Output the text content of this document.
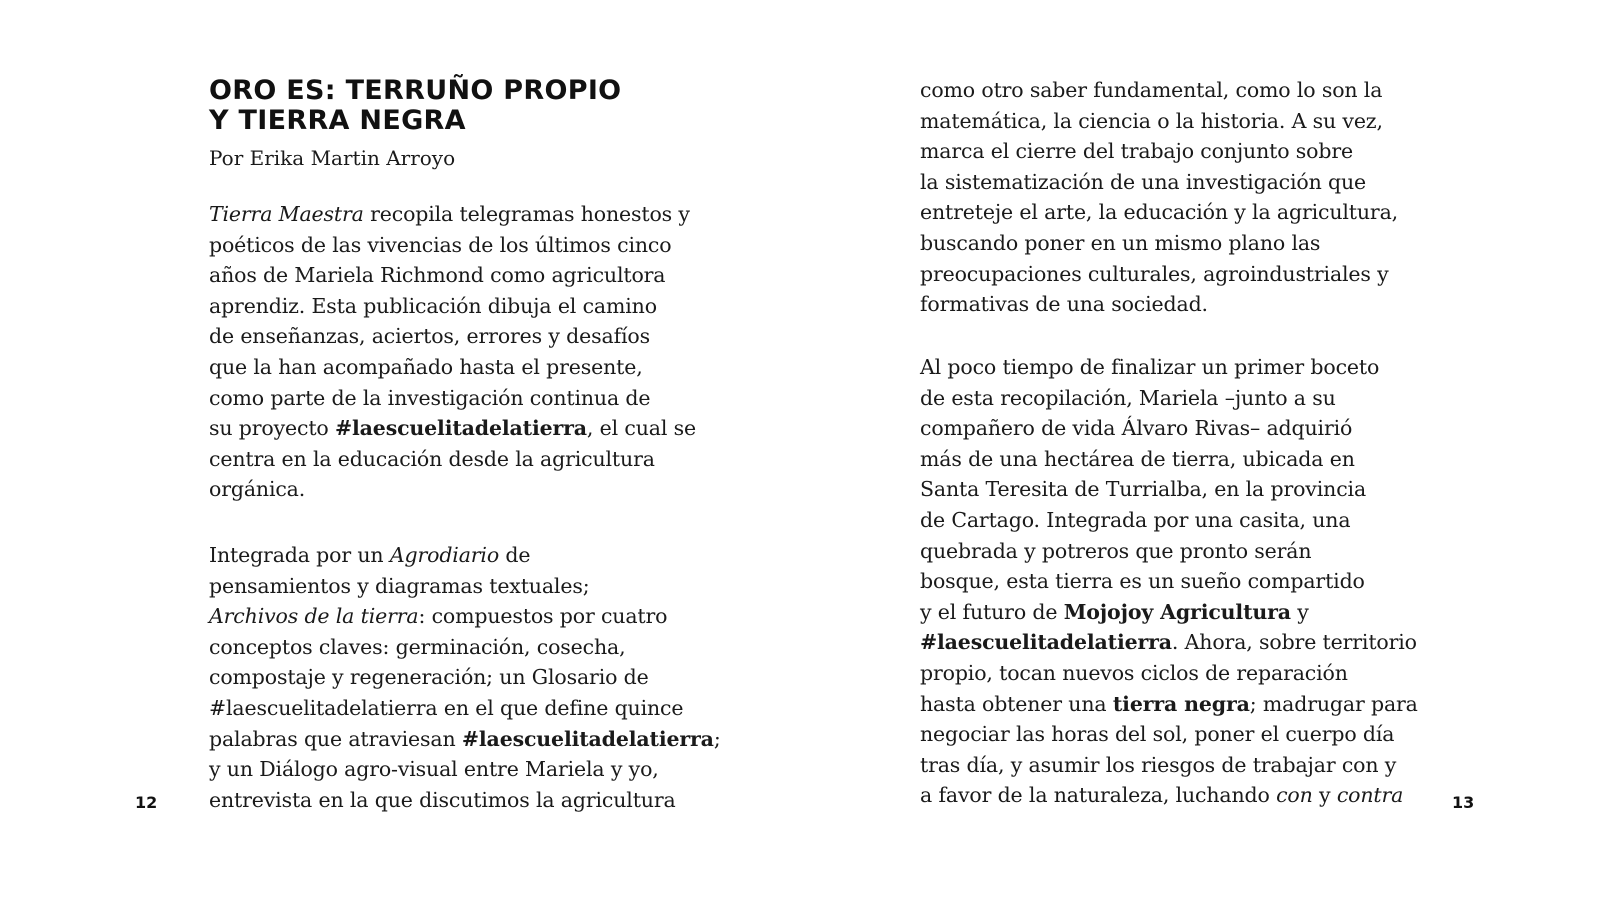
ORO ES: TERRUÑO PROPIO
Y TIERRA NEGRA

Por Erika Martin Arroyo

Tierra Maestra recopila telegramas honestos y
poéticos de las vivencias de los últimos cinco
años de Mariela Richmond como agricultora
aprendiz. Esta publicación dibuja el camino
de enseñanzas, aciertos, errores y desafíos
que la han acompañado hasta el presente,
como parte de la investigación continua de
su proyecto #laescuelitadelatierra, el cual se
centra en la educación desde la agricultura
orgánica.

Integrada por un Agrodiario de
pensamientos y diagramas textuales;
Archivos de la tierra: compuestos por cuatro
conceptos claves: germinación, cosecha,
compostaje y regeneración; un Glosario de
#laescuelitadelatierra en el que define quince
palabras que atraviesan #laescuelitadelatierra;
y un Diálogo agro-visual entre Mariela y yo,
entrevista en la que discutimos la agricultura

12

como otro saber fundamental, como lo son la
matemática, la ciencia o la historia. A su vez,
marca el cierre del trabajo conjunto sobre
la sistematización de una investigación que
entreteje el arte, la educación y la agricultura,
buscando poner en un mismo plano las
preocupaciones culturales, agroindustriales y
formativas de una sociedad.

Al poco tiempo de finalizar un primer boceto
de esta recopilación, Mariela –junto a su
compañero de vida Álvaro Rivas– adquirió
más de una hectárea de tierra, ubicada en
Santa Teresita de Turrialba, en la provincia
de Cartago. Integrada por una casita, una
quebrada y potreros que pronto serán
bosque, esta tierra es un sueño compartido
y el futuro de Mojojoy Agricultura y
#laescuelitadelatierra. Ahora, sobre territorio
propio, tocan nuevos ciclos de reparación
hasta obtener una tierra negra; madrugar para
negociar las horas del sol, poner el cuerpo día
tras día, y asumir los riesgos de trabajar con y
a favor de la naturaleza, luchando con y contra	13
